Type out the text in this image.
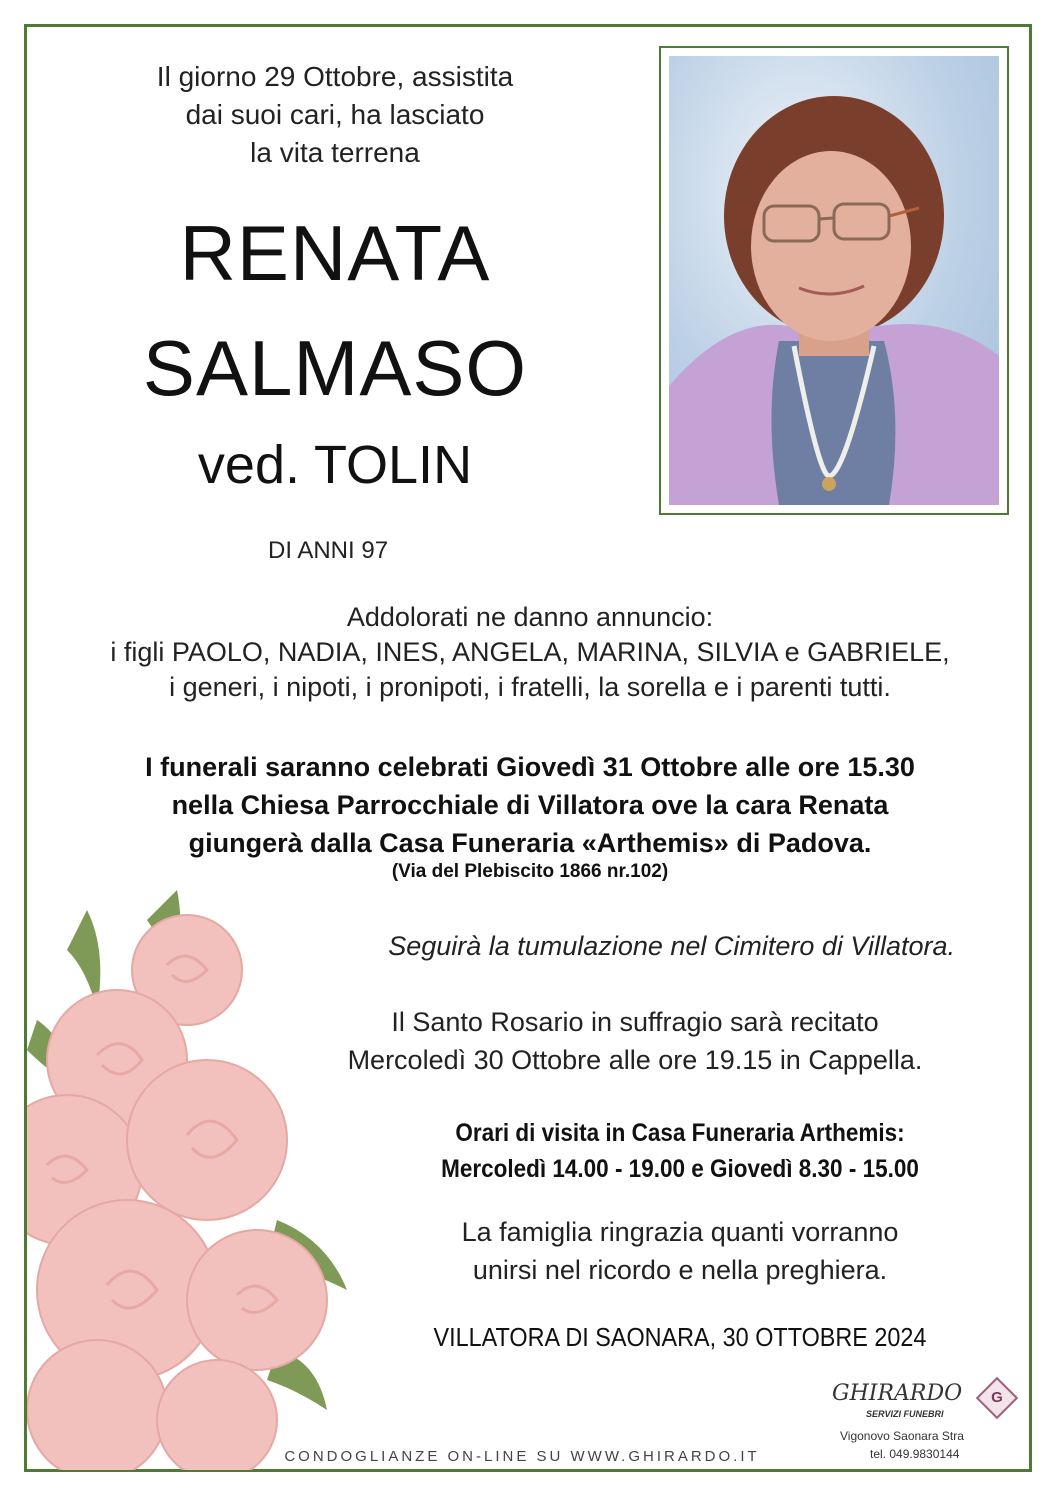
Il giorno 29 Ottobre, assistita
dai suoi cari, ha lasciato
la vita terrena
RENATA
SALMASO
ved. TOLIN
DI ANNI 97
Addolorati ne danno annuncio:
i figli PAOLO, NADIA, INES, ANGELA, MARINA, SILVIA e GABRIELE,
i generi, i nipoti, i pronipoti, i fratelli, la sorella e i parenti tutti.
I funerali saranno celebrati Giovedì 31 Ottobre alle ore 15.30
nella Chiesa Parrocchiale di Villatora ove la cara Renata
giungerà dalla Casa Funeraria «Arthemis» di Padova.
(Via del Plebiscito 1866 nr.102)
Seguirà la tumulazione nel Cimitero di Villatora.
Il Santo Rosario in suffragio sarà recitato
Mercoledì 30 Ottobre alle ore 19.15 in Cappella.
Orari di visita in Casa Funeraria Arthemis:
Mercoledì 14.00 - 19.00 e Giovedì 8.30 - 15.00
La famiglia ringrazia quanti vorranno
unirsi nel ricordo e nella preghiera.
VILLATORA DI SAONARA, 30 OTTOBRE 2024
CONDOGLIANZE ON-LINE SU WWW.GHIRARDO.IT
GHIRARDO
SERVIZI FUNEBRI
G
Vigonovo Saonara Stra
tel. 049.9830144
